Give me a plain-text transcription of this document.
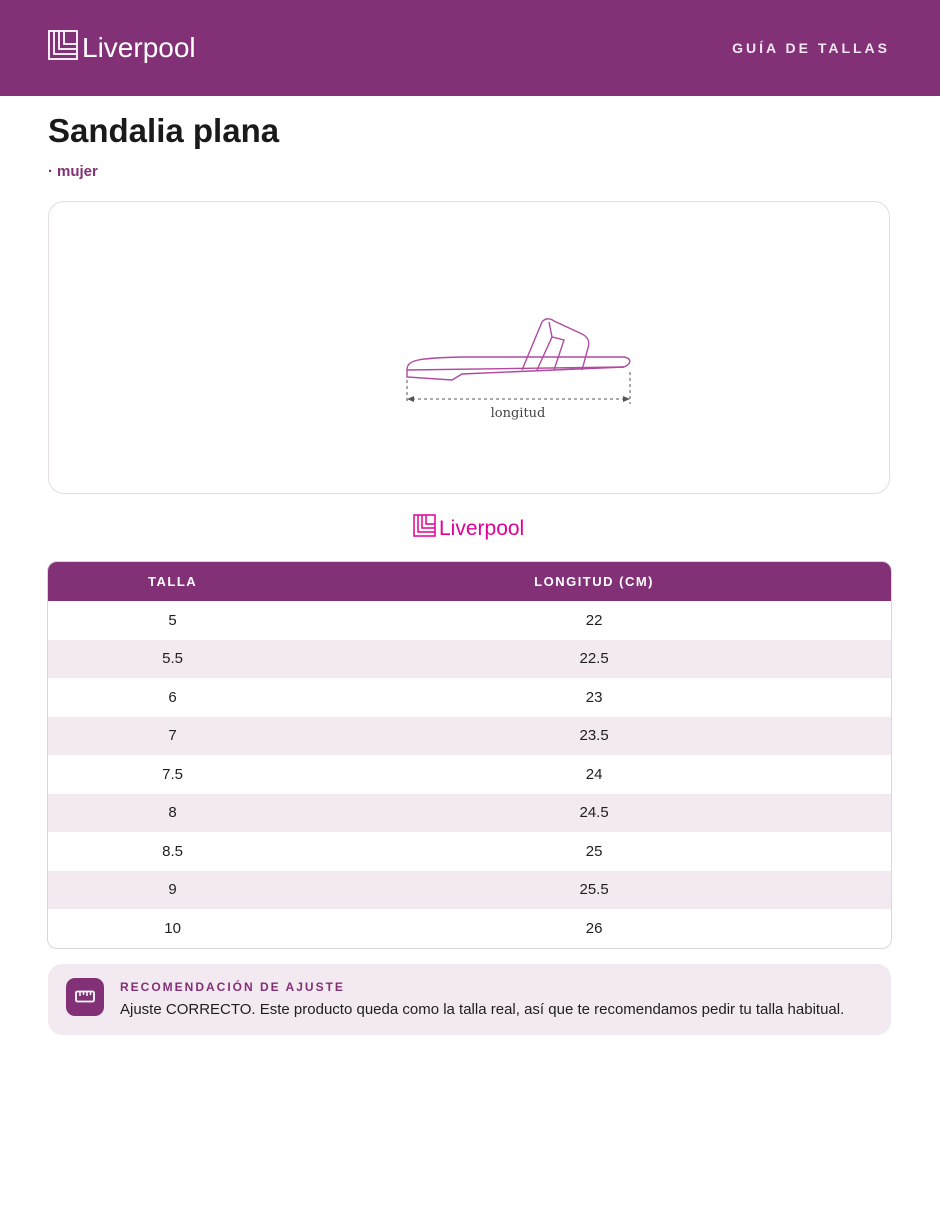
Liverpool	GUÍA DE TALLAS
Sandalia plana
· mujer
longitud
Liverpool
TALLA	LONGITUD (CM)
5	22
5.5	22.5
6	23
7	23.5
7.5	24
8	24.5
8.5	25
9	25.5
10	26
RECOMENDACIÓN DE AJUSTE
Ajuste CORRECTO. Este producto queda como la talla real, así que te recomendamos pedir tu talla habitual.
